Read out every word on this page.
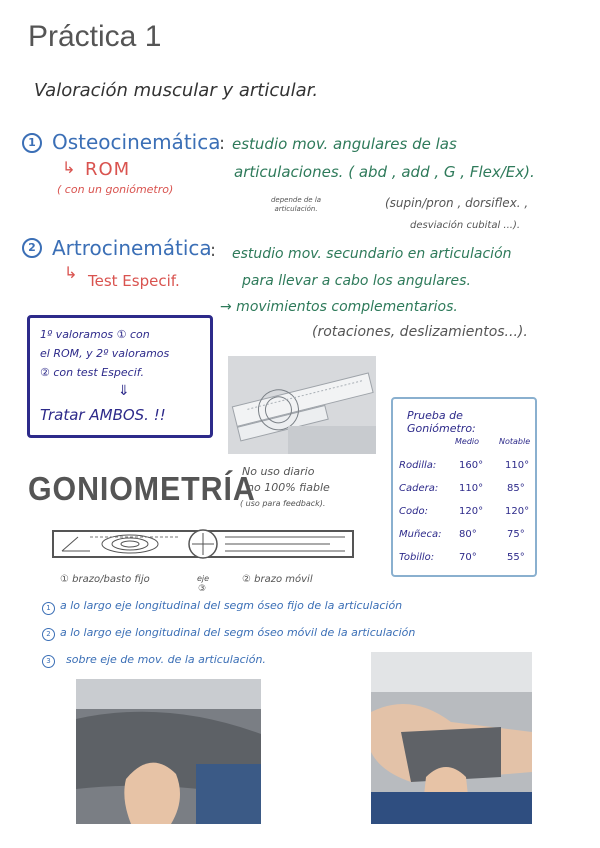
Práctica 1
Valoración muscular y articular.
1 Osteocinemática
:
↳ ROM
( con un goniómetro)
estudio mov. angulares de las
articulaciones. ( abd , add , G , Flex/Ex).
depende de la articulación.	(supin/pron , dorsiflex. ,
desviación cubital ...).
2 Artrocinemática
:
↳ Test Especif.
estudio mov. secundario en articulación
para llevar a cabo los angulares.
→ movimientos complementarios.
(rotaciones, deslizamientos...).
1º valoramos ① con
el ROM, y 2º valoramos
② con test Especif.
⇓
Tratar AMBOS. !!
GONIOMETRÍA
No uso diario
no 100% fiable
( uso para feedback).
Prueba de Goniómetro:
Medio Notable
Rodilla: 160° 110°
Cadera: 110° 85°
Codo:	120° 120°
Muñeca: 80°	75°
Tobillo: 70°	55°
① brazo/basto fijo	eje
③
② brazo móvil
1 a lo largo eje longitudinal del segm óseo fijo de la articulación
2 a lo largo eje longitudinal del segm óseo móvil de la articulación
3	sobre eje de mov. de la articulación.
